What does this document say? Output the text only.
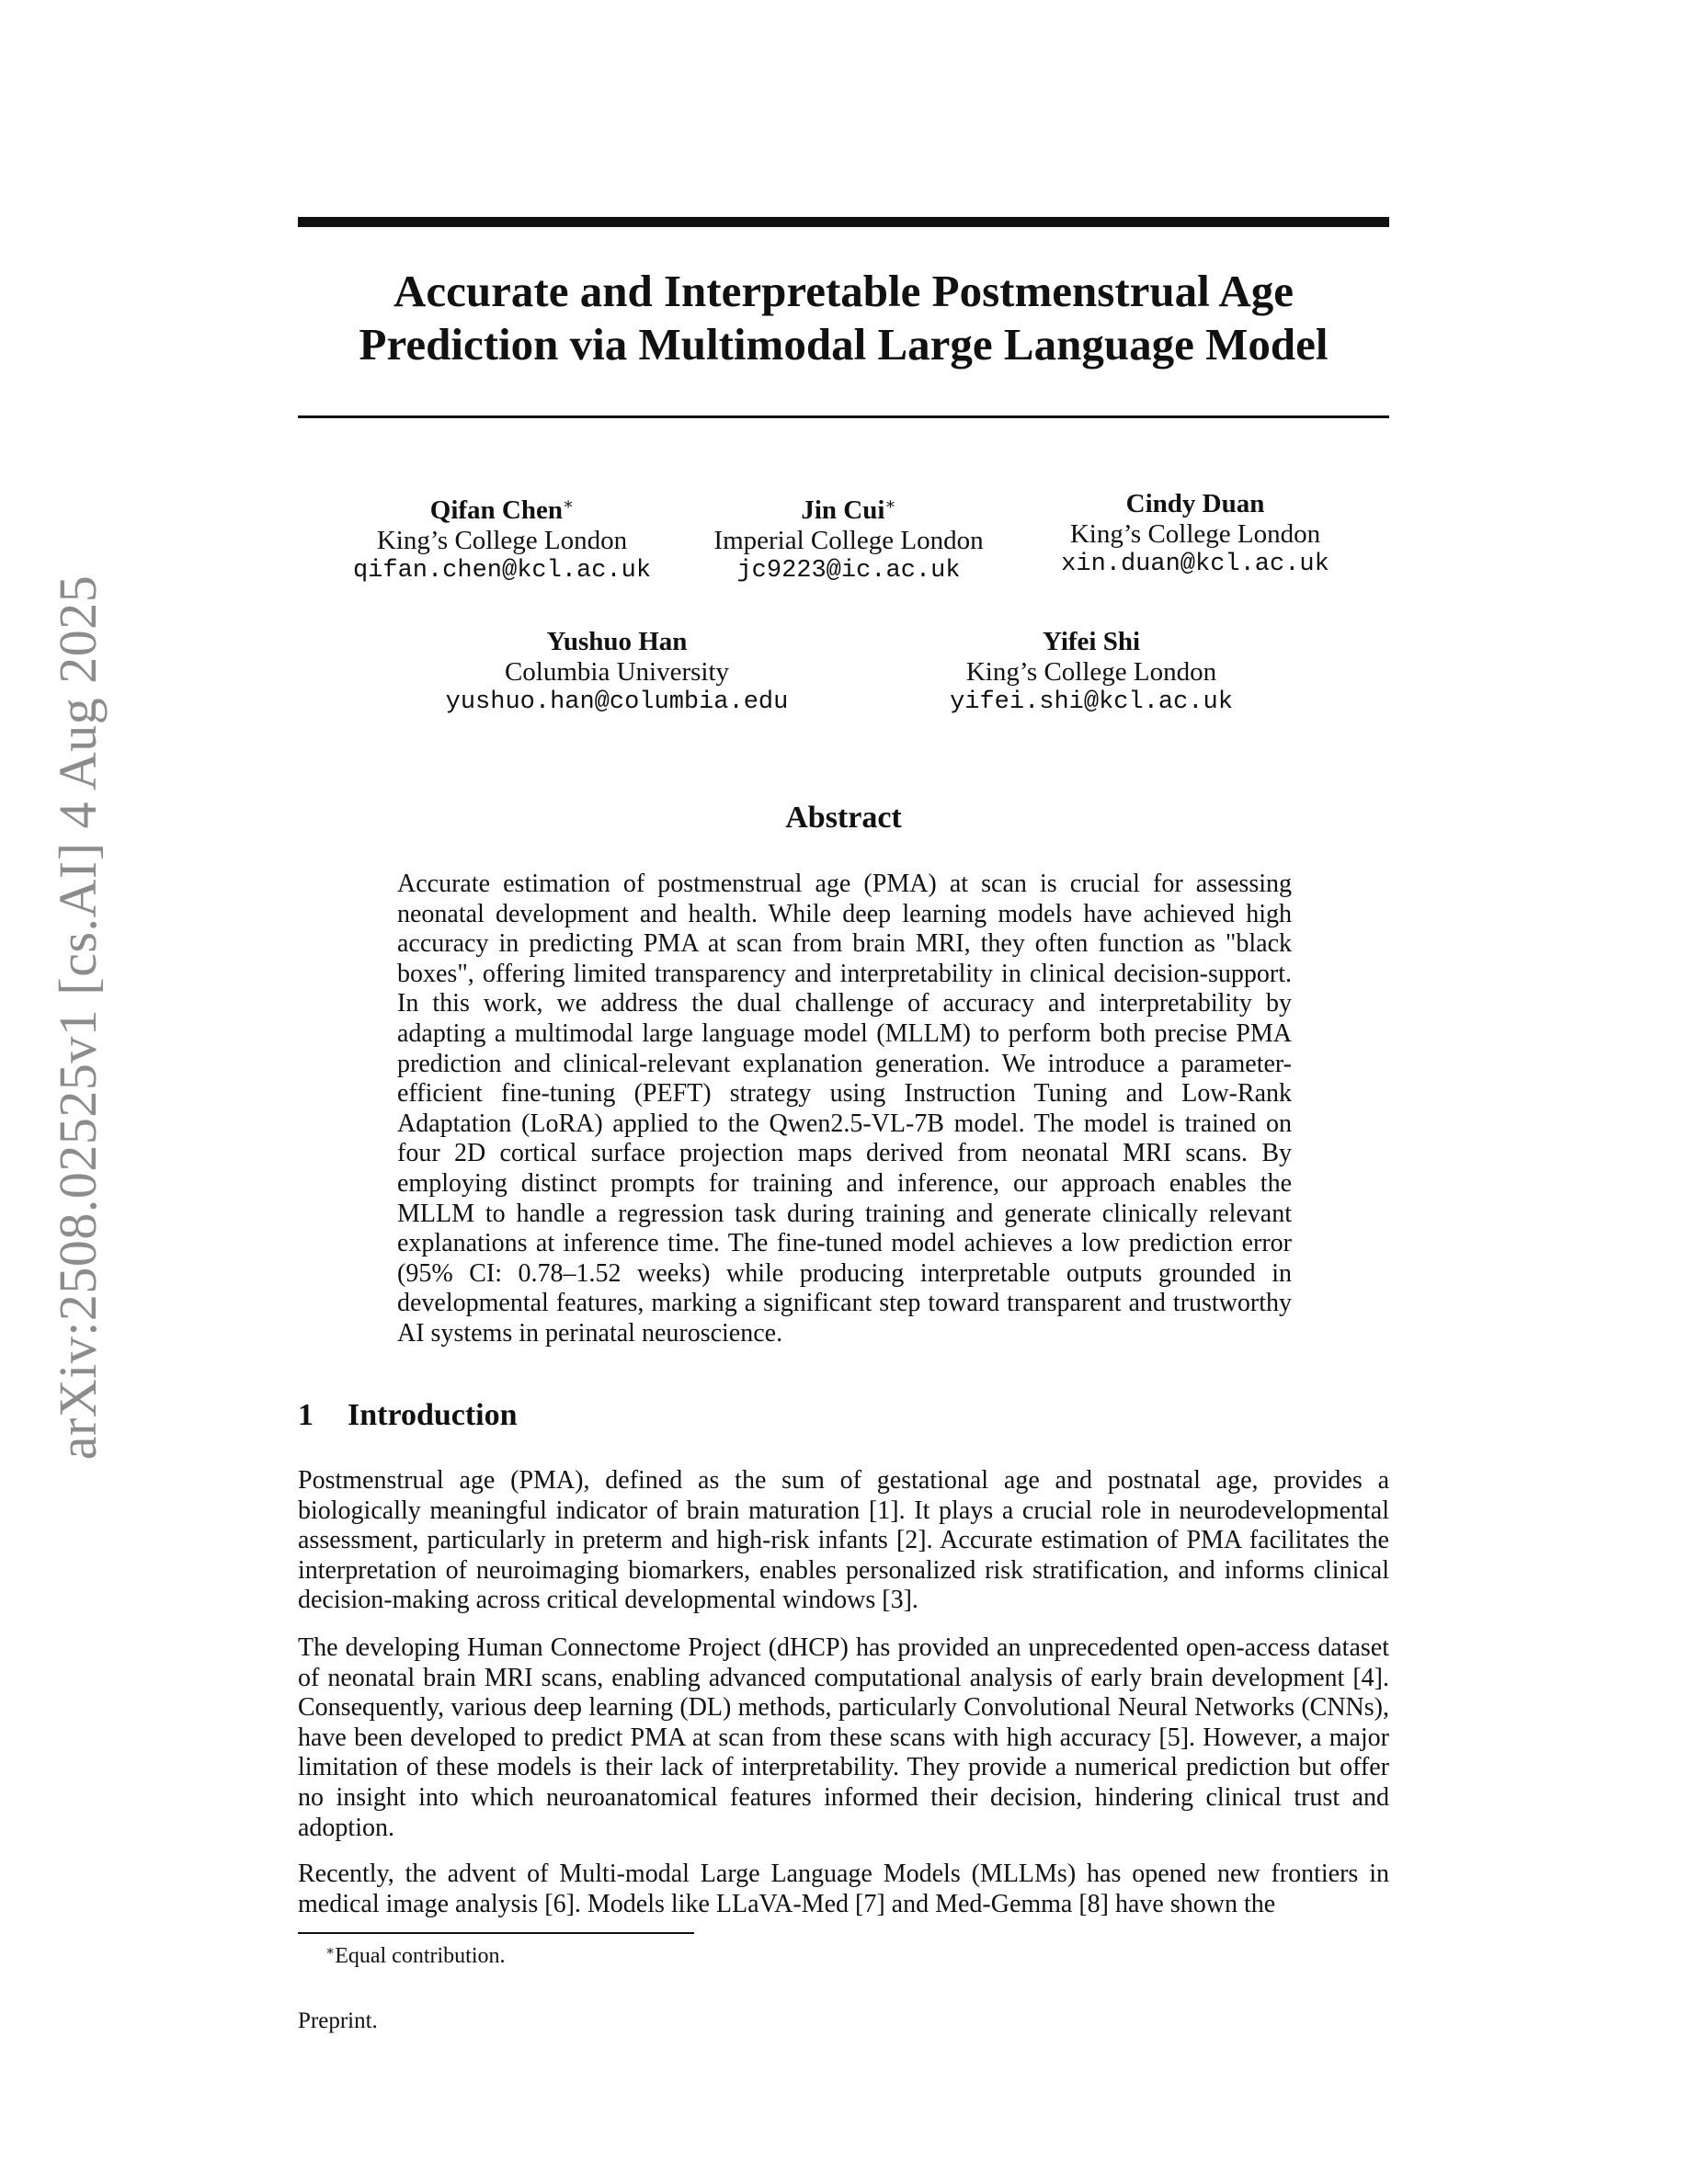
arXiv:2508.02525v1 [cs.AI] 4 Aug 2025
Accurate and Interpretable Postmenstrual Age
Prediction via Multimodal Large Language Model
Qifan Chen∗
King’s College London
qifan.chen@kcl.ac.uk
Jin Cui∗
Imperial College London
jc9223@ic.ac.uk
Cindy Duan
King’s College London
xin.duan@kcl.ac.uk
Yushuo Han
Columbia University
yushuo.han@columbia.edu
Yifei Shi
King’s College London
yifei.shi@kcl.ac.uk
Abstract

Accurate estimation of postmenstrual age (PMA) at scan is crucial for assessing neonatal development and health. While deep learning models have achieved high accuracy in predicting PMA at scan from brain MRI, they often function as "black boxes", offering limited transparency and interpretability in clinical decision-support. In this work, we address the dual challenge of accuracy and interpretability by adapting a multimodal large language model (MLLM) to perform both precise PMA prediction and clinical-relevant explanation generation. We introduce a parameter-efficient fine-tuning (PEFT) strategy using Instruction Tuning and Low-Rank Adaptation (LoRA) applied to the Qwen2.5-VL-7B model. The model is trained on four 2D cortical surface projection maps derived from neonatal MRI scans. By employing distinct prompts for training and inference, our approach enables the MLLM to handle a regression task during training and generate clinically relevant explanations at inference time. The fine-tuned model achieves a low prediction error (95% CI: 0.78–1.52 weeks) while producing interpretable outputs grounded in developmental features, marking a significant step toward transparent and trustworthy AI systems in perinatal neuroscience.

1 Introduction

Postmenstrual age (PMA), defined as the sum of gestational age and postnatal age, provides a biologically meaningful indicator of brain maturation [1]. It plays a crucial role in neurodevelopmental assessment, particularly in preterm and high-risk infants [2]. Accurate estimation of PMA facilitates the interpretation of neuroimaging biomarkers, enables personalized risk stratification, and informs clinical decision-making across critical developmental windows [3].

The developing Human Connectome Project (dHCP) has provided an unprecedented open-access dataset of neonatal brain MRI scans, enabling advanced computational analysis of early brain development [4]. Consequently, various deep learning (DL) methods, particularly Convolutional Neural Networks (CNNs), have been developed to predict PMA at scan from these scans with high accuracy [5]. However, a major limitation of these models is their lack of interpretability. They provide a numerical prediction but offer no insight into which neuroanatomical features informed their decision, hindering clinical trust and adoption.

Recently, the advent of Multi-modal Large Language Models (MLLMs) has opened new frontiers in medical image analysis [6]. Models like LLaVA-Med [7] and Med-Gemma [8] have shown the

∗Equal contribution.

Preprint.
